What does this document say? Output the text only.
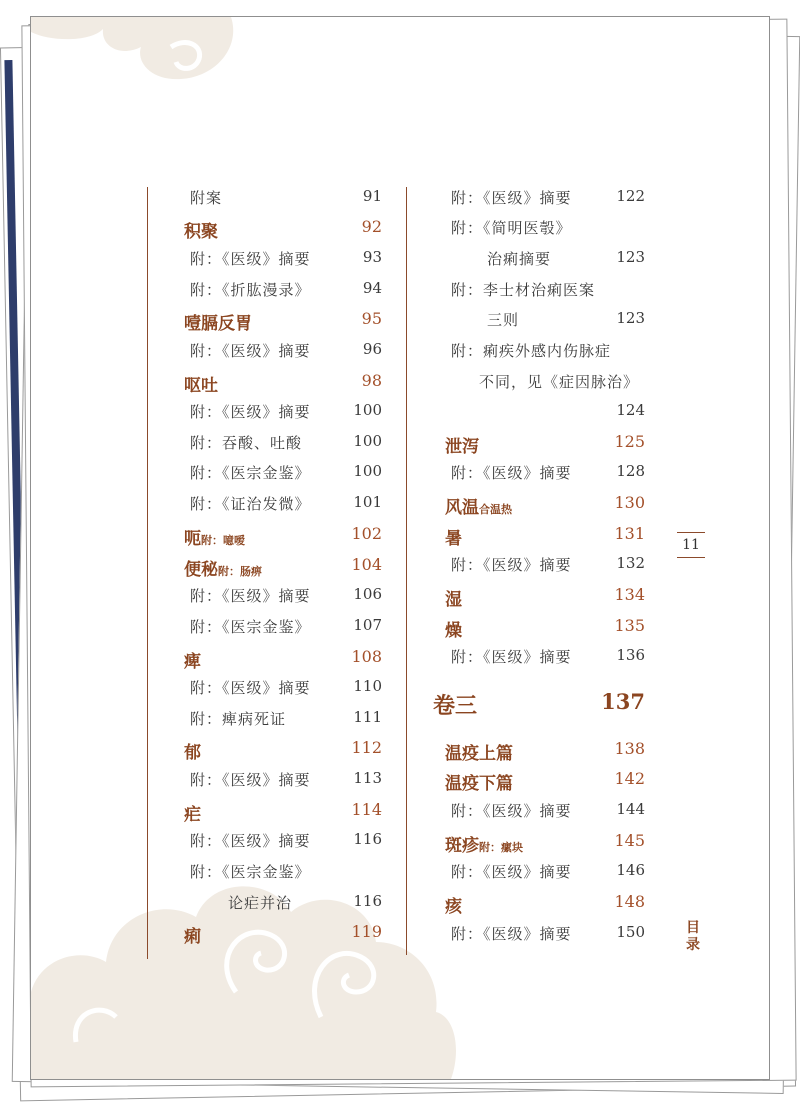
附案	91
积聚	92
附：《医级》摘要	93
附：《折肱漫录》	94
噎膈反胃	95
附：《医级》摘要	96
呕吐	98
附：《医级》摘要	100
附：吞酸、吐酸	100
附：《医宗金鉴》	100
附：《证治发微》	101
呃附：噫嗳	102
便秘附：肠痹	104
附：《医级》摘要	106
附：《医宗金鉴》	107
痺	108
附：《医级》摘要	110
附：痺病死证	111
郁	112
附：《医级》摘要	113
疟	114
附：《医级》摘要	116
附：《医宗金鉴》
论疟并治	116
痢	119
附：《医级》摘要	122
附：《简明医彀》
治痢摘要	123
附：李士材治痢医案
三则	123
附：痢疾外感内伤脉症
不同，见《症因脉治》
124
泄泻	125
附：《医级》摘要	128
风温合温热	130
暑	131
附：《医级》摘要	132
湿	134
燥	135
附：《医级》摘要	136
卷三	137
温疫上篇	138
温疫下篇	142
附：《医级》摘要	144
斑疹附：瘰块	145
附：《医级》摘要	146
痎	148
附：《医级》摘要	150
11
目录
